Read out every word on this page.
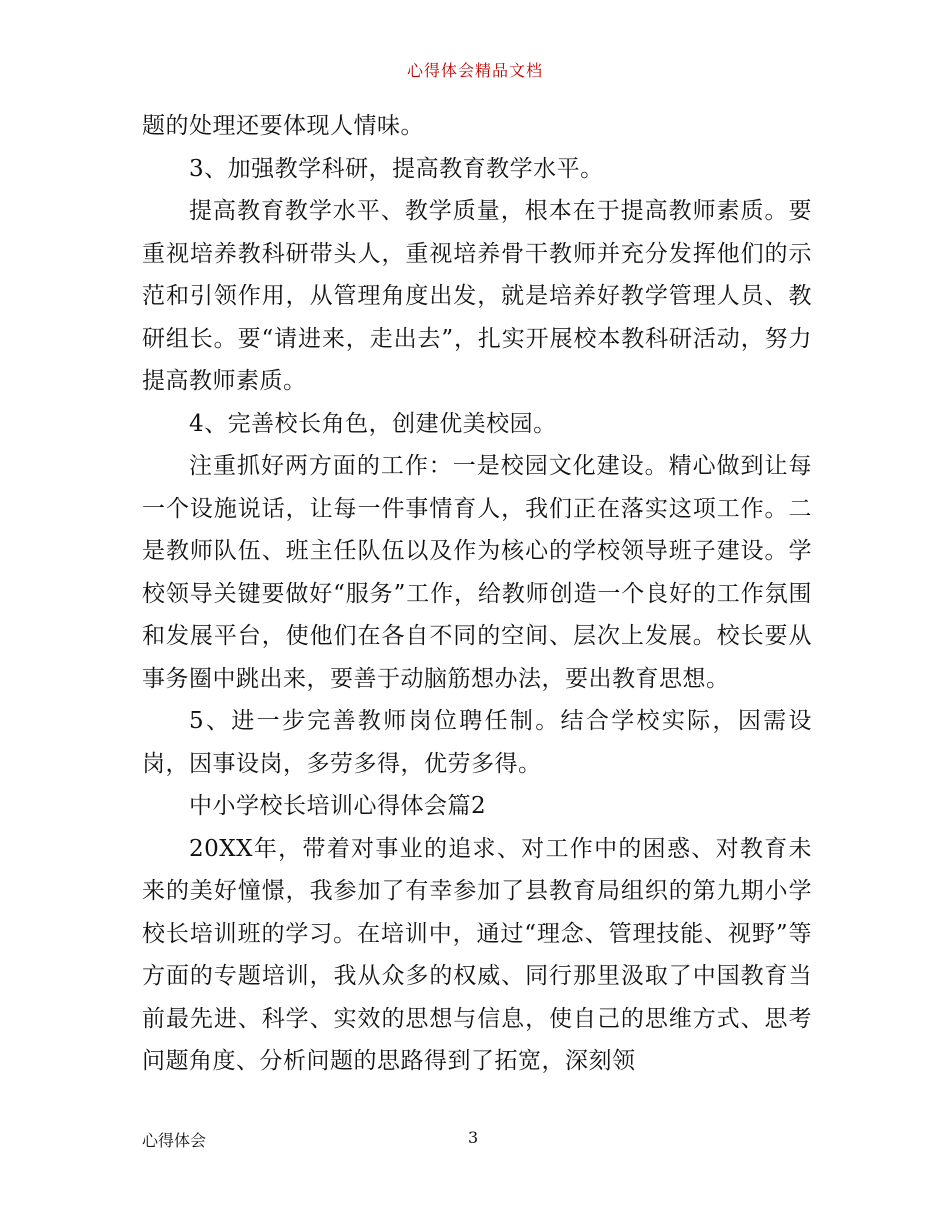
心得体会精品文档

题的处理还要体现人情味。

3、加强教学科研，提高教育教学水平。

提高教育教学水平、教学质量，根本在于提高教师素质。要重视培养教科研带头人，重视培养骨干教师并充分发挥他们的示范和引领作用，从管理角度出发，就是培养好教学管理人员、教研组长。要“请进来，走出去”，扎实开展校本教科研活动，努力提高教师素质。

4、完善校长角色，创建优美校园。

注重抓好两方面的工作：一是校园文化建设。精心做到让每一个设施说话，让每一件事情育人，我们正在落实这项工作。二是教师队伍、班主任队伍以及作为核心的学校领导班子建设。学校领导关键要做好“服务”工作，给教师创造一个良好的工作氛围和发展平台，使他们在各自不同的空间、层次上发展。校长要从事务圈中跳出来，要善于动脑筋想办法，要出教育思想。

5、进一步完善教师岗位聘任制。结合学校实际，因需设岗，因事设岗，多劳多得，优劳多得。

中小学校长培训心得体会篇2

20XX年，带着对事业的追求、对工作中的困惑、对教育未来的美好憧憬，我参加了有幸参加了县教育局组织的第九期小学校长培训班的学习。在培训中，通过“理念、管理技能、视野”等方面的专题培训，我从众多的权威、同行那里汲取了中国教育当前最先进、科学、实效的思想与信息，使自己的思维方式、思考问题角度、分析问题的思路得到了拓宽，深刻领

心得体会	3
